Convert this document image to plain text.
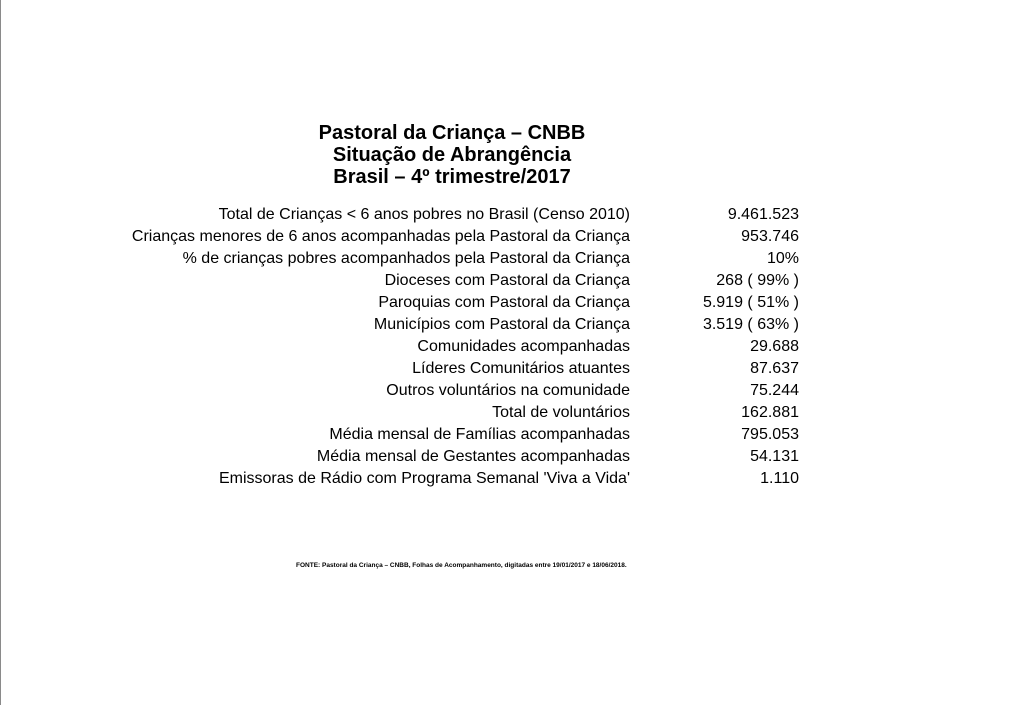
Pastoral da Criança – CNBB
Situação de Abrangência
Brasil – 4º trimestre/2017
Total de Crianças < 6 anos pobres no Brasil (Censo 2010)	9.461.523
Crianças menores de 6 anos acompanhadas pela Pastoral da Criança	953.746
% de crianças pobres acompanhados pela Pastoral da Criança	10%
Dioceses com Pastoral da Criança	268 ( 99% )
Paroquias com Pastoral da Criança	5.919 ( 51% )
Municípios com Pastoral da Criança	3.519 ( 63% )
Comunidades acompanhadas	29.688
Líderes Comunitários atuantes	87.637
Outros voluntários na comunidade	75.244
Total de voluntários	162.881
Média mensal de Famílias acompanhadas	795.053
Média mensal de Gestantes acompanhadas	54.131
Emissoras de Rádio com Programa Semanal 'Viva a Vida'	1.110
FONTE: Pastoral da Criança – CNBB, Folhas de Acompanhamento, digitadas entre 19/01/2017 e 18/06/2018.
